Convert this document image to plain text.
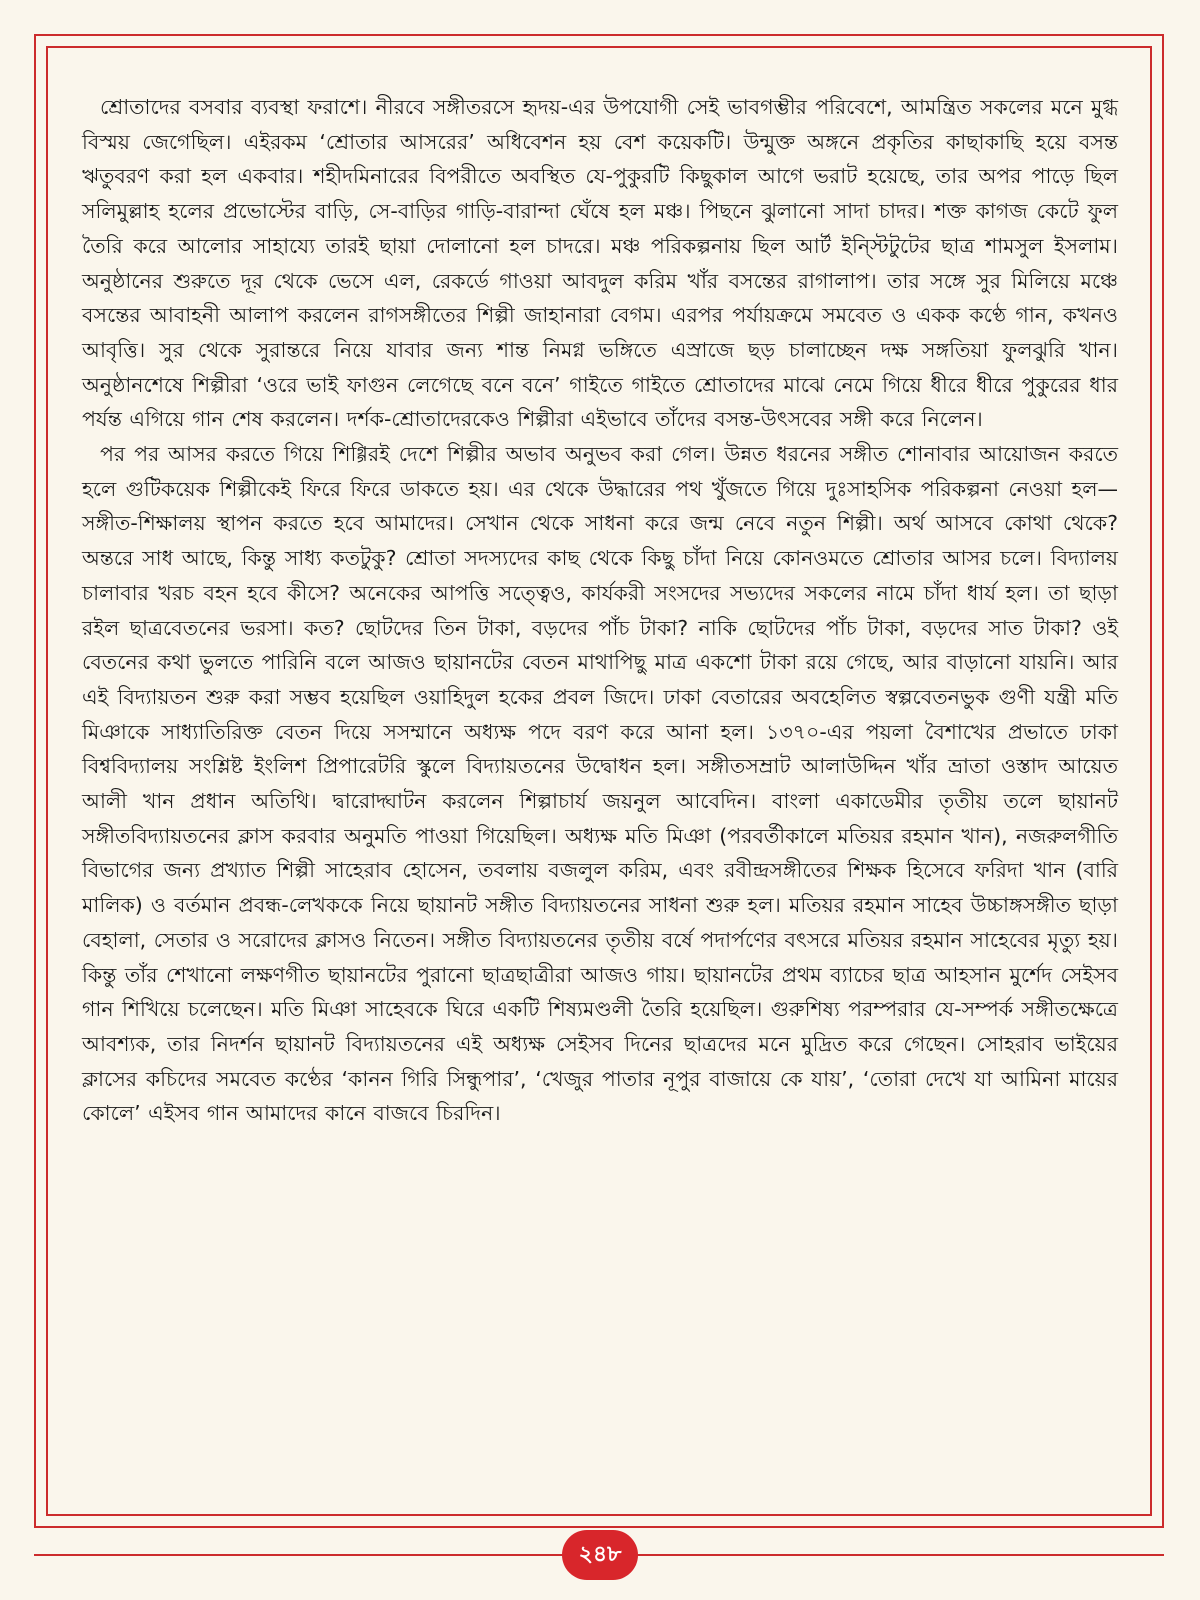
শ্রোতাদের বসবার ব্যবস্থা ফরাশে। নীরবে সঙ্গীতরসে হৃদয়-এর উপযোগী সেই ভাবগম্ভীর পরিবেশে, আমন্ত্রিত সকলের মনে মুগ্ধ বিস্ময় জেগেছিল। এইরকম ‘শ্রোতার আসরের’ অধিবেশন হয় বেশ কয়েকটি। উন্মুক্ত অঙ্গনে প্রকৃতির কাছাকাছি হয়ে বসন্ত ঋতুবরণ করা হল একবার। শহীদমিনারের বিপরীতে অবস্থিত যে-পুকুরটি কিছুকাল আগে ভরাট হয়েছে, তার অপর পাড়ে ছিল সলিমুল্লাহ হলের প্রভোস্টের বাড়ি, সে-বাড়ির গাড়ি-বারান্দা ঘেঁষে হল মঞ্চ। পিছনে ঝুলানো সাদা চাদর। শক্ত কাগজ কেটে ফুল তৈরি করে আলোর সাহায্যে তারই ছায়া দোলানো হল চাদরে। মঞ্চ পরিকল্পনায় ছিল আর্ট ইন্স্টিটুটের ছাত্র শামসুল ইসলাম। অনুষ্ঠানের শুরুতে দূর থেকে ভেসে এল, রেকর্ডে গাওয়া আবদুল করিম খাঁর বসন্তের রাগালাপ। তার সঙ্গে সুর মিলিয়ে মঞ্চে বসন্তের আবাহনী আলাপ করলেন রাগসঙ্গীতের শিল্পী জাহানারা বেগম। এরপর পর্যায়ক্রমে সমবেত ও একক কণ্ঠে গান, কখনও আবৃত্তি। সুর থেকে সুরান্তরে নিয়ে যাবার জন্য শান্ত নিমগ্ন ভঙ্গিতে এস্রাজে ছড় চালাচ্ছেন দক্ষ সঙ্গতিয়া ফুলঝুরি খান। অনুষ্ঠানশেষে শিল্পীরা ‘ওরে ভাই ফাগুন লেগেছে বনে বনে’ গাইতে গাইতে শ্রোতাদের মাঝে নেমে গিয়ে ধীরে ধীরে পুকুরের ধার পর্যন্ত এগিয়ে গান শেষ করলেন। দর্শক-শ্রোতাদেরকেও শিল্পীরা এইভাবে তাঁদের বসন্ত-উৎসবের সঙ্গী করে নিলেন।

পর পর আসর করতে গিয়ে শিগ্গিরই দেশে শিল্পীর অভাব অনুভব করা গেল। উন্নত ধরনের সঙ্গীত শোনাবার আয়োজন করতে হলে গুটিকয়েক শিল্পীকেই ফিরে ফিরে ডাকতে হয়। এর থেকে উদ্ধারের পথ খুঁজতে গিয়ে দুঃসাহসিক পরিকল্পনা নেওয়া হল—সঙ্গীত-শিক্ষালয় স্থাপন করতে হবে আমাদের। সেখান থেকে সাধনা করে জন্ম নেবে নতুন শিল্পী। অর্থ আসবে কোথা থেকে? অন্তরে সাধ আছে, কিন্তু সাধ্য কতটুকু? শ্রোতা সদস্যদের কাছ থেকে কিছু চাঁদা নিয়ে কোনওমতে শ্রোতার আসর চলে। বিদ্যালয় চালাবার খরচ বহন হবে কীসে? অনেকের আপত্তি সত্ত্বেও, কার্যকরী সংসদের সভ্যদের সকলের নামে চাঁদা ধার্য হল। তা ছাড়া রইল ছাত্রবেতনের ভরসা। কত? ছোটদের তিন টাকা, বড়দের পাঁচ টাকা? নাকি ছোটদের পাঁচ টাকা, বড়দের সাত টাকা? ওই বেতনের কথা ভুলতে পারিনি বলে আজও ছায়ানটের বেতন মাথাপিছু মাত্র একশো টাকা রয়ে গেছে, আর বাড়ানো যায়নি। আর এই বিদ্যায়তন শুরু করা সম্ভব হয়েছিল ওয়াহিদুল হকের প্রবল জিদে। ঢাকা বেতারের অবহেলিত স্বল্পবেতনভুক গুণী যন্ত্রী মতি মিঞাকে সাধ্যাতিরিক্ত বেতন দিয়ে সসম্মানে অধ্যক্ষ পদে বরণ করে আনা হল। ১৩৭০-এর পয়লা বৈশাখের প্রভাতে ঢাকা বিশ্ববিদ্যালয় সংশ্লিষ্ট ইংলিশ প্রিপারেটরি স্কুলে বিদ্যায়তনের উদ্বোধন হল। সঙ্গীতসম্রাট আলাউদ্দিন খাঁর ভ্রাতা ওস্তাদ আয়েত আলী খান প্রধান অতিথি। দ্বারোদ্ঘাটন করলেন শিল্পাচার্য জয়নুল আবেদিন। বাংলা একাডেমীর তৃতীয় তলে ছায়ানট সঙ্গীতবিদ্যায়তনের ক্লাস করবার অনুমতি পাওয়া গিয়েছিল। অধ্যক্ষ মতি মিঞা (পরবর্তীকালে মতিয়র রহমান খান), নজরুলগীতি বিভাগের জন্য প্রখ্যাত শিল্পী সাহেরাব হোসেন, তবলায় বজলুল করিম, এবং রবীন্দ্রসঙ্গীতের শিক্ষক হিসেবে ফরিদা খান (বারি মালিক) ও বর্তমান প্রবন্ধ-লেখককে নিয়ে ছায়ানট সঙ্গীত বিদ্যায়তনের সাধনা শুরু হল। মতিয়র রহমান সাহেব উচ্চাঙ্গসঙ্গীত ছাড়া বেহালা, সেতার ও সরোদের ক্লাসও নিতেন। সঙ্গীত বিদ্যায়তনের তৃতীয় বর্ষে পদার্পণের বৎসরে মতিয়র রহমান সাহেবের মৃত্যু হয়। কিন্তু তাঁর শেখানো লক্ষণগীত ছায়ানটের পুরানো ছাত্রছাত্রীরা আজও গায়। ছায়ানটের প্রথম ব্যাচের ছাত্র আহসান মুর্শেদ সেইসব গান শিখিয়ে চলেছেন। মতি মিঞা সাহেবকে ঘিরে একটি শিষ্যমণ্ডলী তৈরি হয়েছিল। গুরুশিষ্য পরম্পরার যে-সম্পর্ক সঙ্গীতক্ষেত্রে আবশ্যক, তার নিদর্শন ছায়ানট বিদ্যায়তনের এই অধ্যক্ষ সেইসব দিনের ছাত্রদের মনে মুদ্রিত করে গেছেন। সোহরাব ভাইয়ের ক্লাসের কচিদের সমবেত কণ্ঠের ‘কানন গিরি সিন্ধুপার’, ‘খেজুর পাতার নূপুর বাজায়ে কে যায়’, ‘তোরা দেখে যা আমিনা মায়ের কোলে’ এইসব গান আমাদের কানে বাজবে চিরদিন।

২৪৮
